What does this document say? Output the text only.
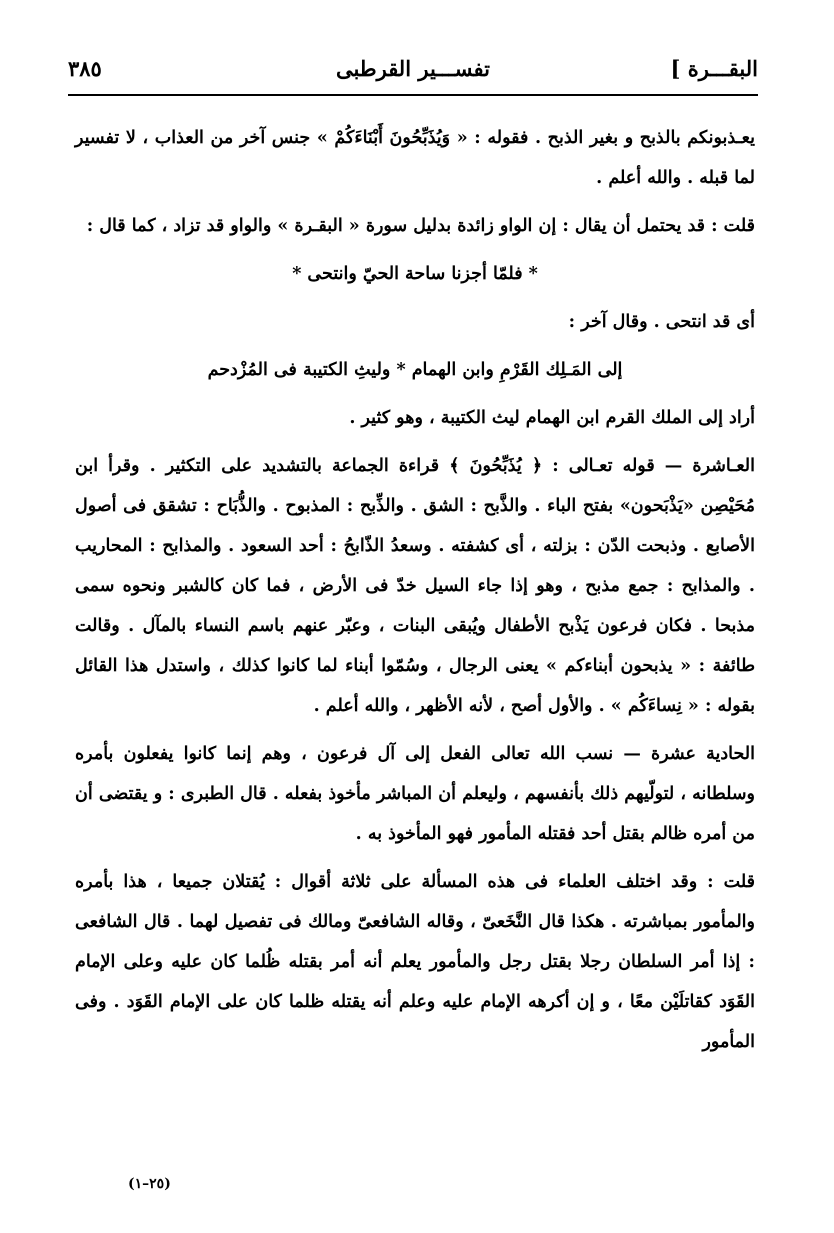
البقـــرة ]
تفســـير القرطبى
٣٨٥

يعـذبونكم بالذبح و بغير الذبح . فقوله : « وَيُذَبِّحُونَ أَبْنَاءَكُمْ » جنس آخر من العذاب ، لا تفسير لما قبله . والله أعلم .

قلت : قد يحتمل أن يقال : إن الواو زائدة بدليل سورة « البقـرة » والواو قد تزاد ، كما قال :

* فلمّا أجزنا ساحة الحيّ وانتحى *

أى قد انتحى . وقال آخر :

إلى المَـلِك القَرْمِ وابن الهمام * وليثِ الكتيبة فى المُزْدحم

أراد إلى الملك القرم ابن الهمام ليث الكتيبة ، وهو كثير .

العـاشرة — قوله تعـالى : ﴿ يُذَبِّحُونَ ﴾ قراءة الجماعة بالتشديد على التكثير . وقرأ ابن مُحَيْصِن «يَذْبَحون» بفتح الباء . والذَّبح : الشق . والذِّبح : المذبوح . والذُّبَاح : تشقق فى أصول الأصابع . وذبحت الدّن : بزلته ، أى كشفته . وسعدُ الذّابحُ : أحد السعود . والمذابح : المحاريب . والمذابح : جمع مذبح ، وهو إذا جاء السيل خدّ فى الأرض ، فما كان كالشبر ونحوه سمى مذبحا . فكان فرعون يَذْبح الأطفال ويُبقى البنات ، وعبّر عنهم باسم النساء بالمآل . وقالت طائفة : « يذبحون أبناءكم » يعنى الرجال ، وسُمّوا أبناء لما كانوا كذلك ، واستدل هذا القائل بقوله : « نِساءَكُم » . والأول أصح ، لأنه الأظهر ، والله أعلم .

الحادية عشرة — نسب الله تعالى الفعل إلى آل فرعون ، وهم إنما كانوا يفعلون بأمره وسلطانه ، لتولّيهم ذلك بأنفسهم ، وليعلم أن المباشر مأخوذ بفعله . قال الطبرى : و يقتضى أن من أمره ظالم بقتل أحد فقتله المأمور فهو المأخوذ به .

قلت : وقد اختلف العلماء فى هذه المسألة على ثلاثة أقوال : يُقتلان جميعا ، هذا بأمره والمأمور بمباشرته . هكذا قال النَّخَعىّ ، وقاله الشافعىّ ومالك فى تفصيل لهما . قال الشافعى : إذا أمر السلطان رجلا بقتل رجل والمأمور يعلم أنه أمر بقتله ظُلما كان عليه وعلى الإمام القَوَد كقاتلَيْن معًا ، و إن أكرهه الإمام عليه وعلم أنه يقتله ظلما كان على الإمام القَوَد . وفى المأمور

(٢٥–١)
